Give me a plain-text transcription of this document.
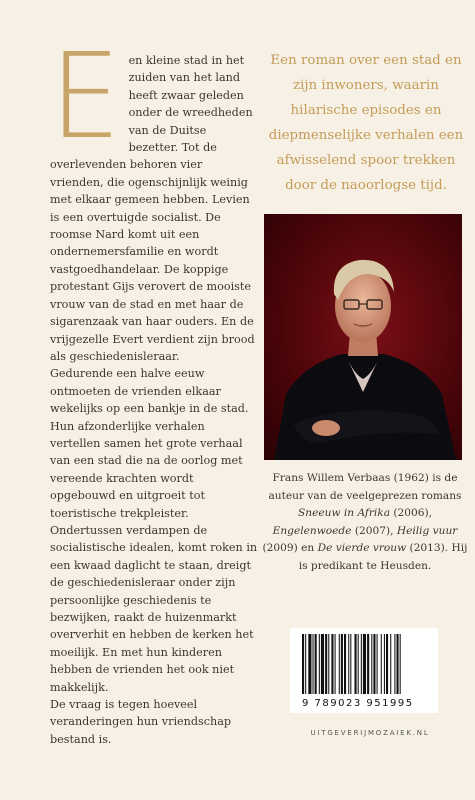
E en kleine stad in het zuiden van het land heeft zwaar geleden onder de wreedheden van de Duitse bezetter. Tot de overlevenden behoren vier vrienden, die ogenschijnlijk weinig met elkaar gemeen hebben. Levien is een overtuigde socialist. De roomse Nard komt uit een ondernemersfamilie en wordt vastgoedhandelaar. De koppige protestant Gijs verovert de mooiste vrouw van de stad en met haar de sigarenzaak van haar ouders. En de vrijgezelle Evert verdient zijn brood als geschiedenisleraar.

Gedurende een halve eeuw ontmoeten de vrienden elkaar wekelijks op een bankje in de stad. Hun afzonderlijke verhalen vertellen samen het grote verhaal van een stad die na de oorlog met vereende krachten wordt opgebouwd en uitgroeit tot toeristische trekpleister. Ondertussen verdampen de socialistische idealen, komt roken in een kwaad daglicht te staan, dreigt de geschiedenisleraar onder zijn persoonlijke geschiedenis te bezwijken, raakt de huizenmarkt oververhit en hebben de kerken het moeilijk. En met hun kinderen hebben de vrienden het ook niet makkelijk.

De vraag is tegen hoeveel veranderingen hun vriendschap bestand is.

Een roman over een stad en zijn inwoners, waarin hilarische episodes en diepmenselijke verhalen een afwisselend spoor trekken door de naoorlogse tijd.
Frans Willem Verbaas (1962) is de auteur van de veelgeprezen romans Sneeuw in Afrika (2006), Engelenwoede (2007), Heilig vuur (2009) en De vierde vrouw (2013). Hij is predikant te Heusden.
9 789023 951995
UITGEVERIJMOZAIEK.NL
